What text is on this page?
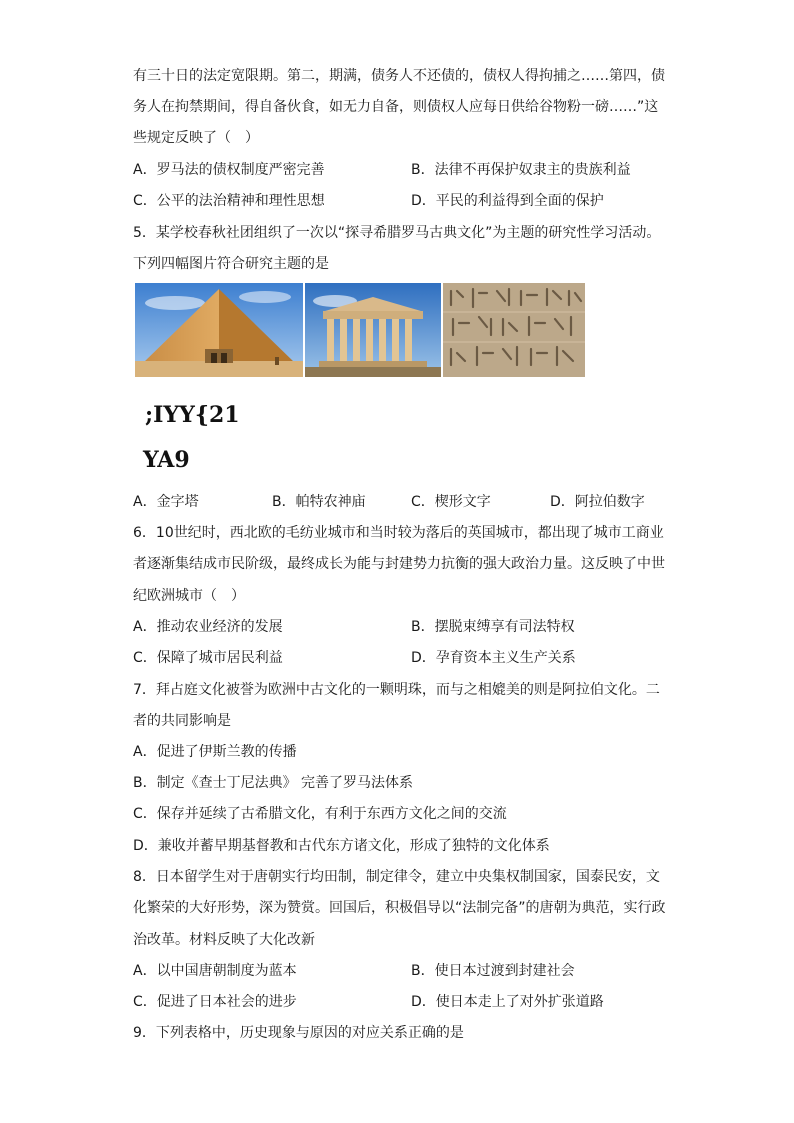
有三十日的法定宽限期。第二，期满，债务人不还债的，债权人得拘捕之……第四，债
务人在拘禁期间，得自备伙食，如无力自备，则债权人应每日供给谷物粉一磅……”这
些规定反映了（　）
A．罗马法的债权制度严密完善	B．法律不再保护奴隶主的贵族利益
C．公平的法治精神和理性思想	D．平民的利益得到全面的保护
5．某学校春秋社团组织了一次以“探寻希腊罗马古典文化”为主题的研究性学习活动。
下列四幅图片符合研究主题的是
;IYY{21
YA9
A．金字塔	B．帕特农神庙	C．楔形文字	D．阿拉伯数字
6．10世纪时，西北欧的毛纺业城市和当时较为落后的英国城市，都出现了城市工商业
者逐渐集结成市民阶级，最终成长为能与封建势力抗衡的强大政治力量。这反映了中世
纪欧洲城市（　）
A．推动农业经济的发展	B．摆脱束缚享有司法特权
C．保障了城市居民利益	D．孕育资本主义生产关系
7．拜占庭文化被誉为欧洲中古文化的一颗明珠，而与之相媲美的则是阿拉伯文化。二
者的共同影响是
A．促进了伊斯兰教的传播
B．制定《查士丁尼法典》 完善了罗马法体系
C．保存并延续了古希腊文化，有利于东西方文化之间的交流
D．兼收并蓄早期基督教和古代东方诸文化，形成了独特的文化体系
8．日本留学生对于唐朝实行均田制，制定律令，建立中央集权制国家，国泰民安，文
化繁荣的大好形势，深为赞赏。回国后，积极倡导以“法制完备”的唐朝为典范，实行政
治改革。材料反映了大化改新
A．以中国唐朝制度为蓝本	B．使日本过渡到封建社会
C．促进了日本社会的进步	D．使日本走上了对外扩张道路
9．下列表格中，历史现象与原因的对应关系正确的是
